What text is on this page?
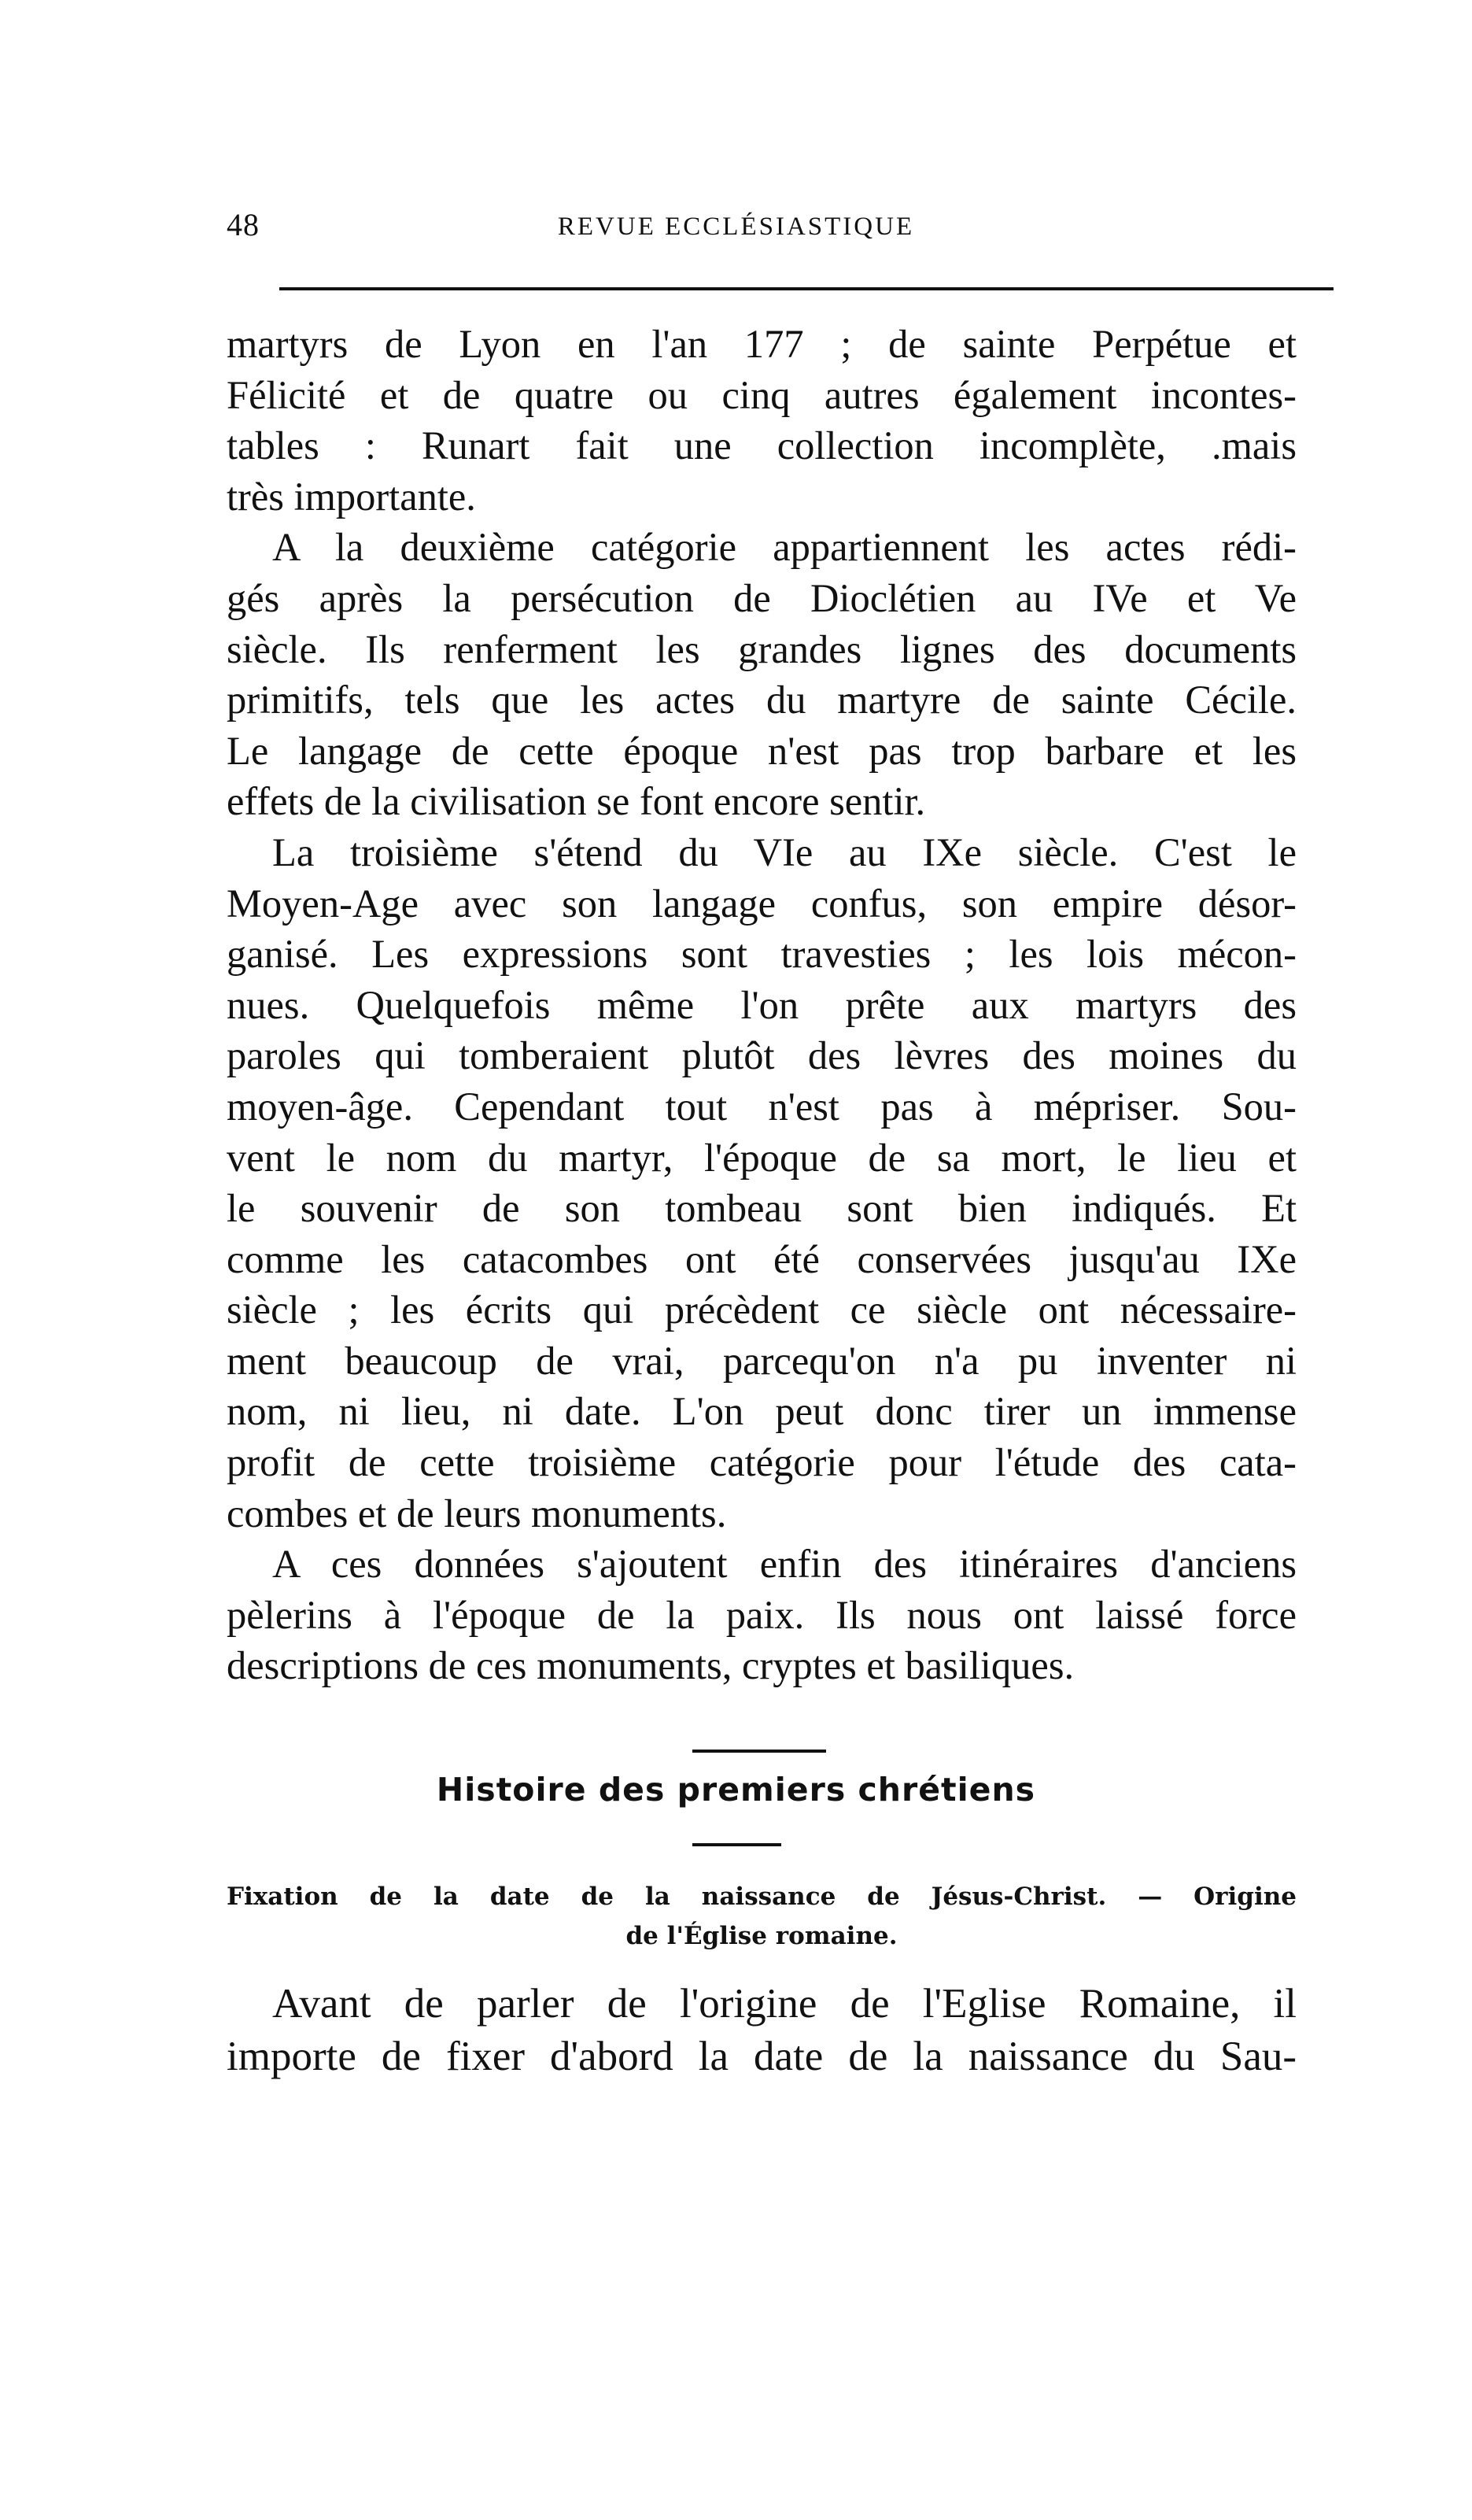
48	REVUE ECCLÉSIASTIQUE
martyrs de Lyon en l'an 177 ; de sainte Perpétue et
Félicité et de quatre ou cinq autres également incontes-
tables : Runart fait une collection incomplète, .mais
très importante.
A la deuxième catégorie appartiennent les actes rédi-
gés après la persécution de Dioclétien au IVe et Ve
siècle. Ils renferment les grandes lignes des documents
primitifs, tels que les actes du martyre de sainte Cécile.
Le langage de cette époque n'est pas trop barbare et les
effets de la civilisation se font encore sentir.
La troisième s'étend du VIe au IXe siècle. C'est le
Moyen-Age avec son langage confus, son empire désor-
ganisé. Les expressions sont travesties ; les lois mécon-
nues. Quelquefois même l'on prête aux martyrs des
paroles qui tomberaient plutôt des lèvres des moines du
moyen-âge. Cependant tout n'est pas à mépriser. Sou-
vent le nom du martyr, l'époque de sa mort, le lieu et
le souvenir de son tombeau sont bien indiqués. Et
comme les catacombes ont été conservées jusqu'au IXe
siècle ; les écrits qui précèdent ce siècle ont nécessaire-
ment beaucoup de vrai, parcequ'on n'a pu inventer ni
nom, ni lieu, ni date. L'on peut donc tirer un immense
profit de cette troisième catégorie pour l'étude des cata-
combes et de leurs monuments.
A ces données s'ajoutent enfin des itinéraires d'anciens
pèlerins à l'époque de la paix. Ils nous ont laissé force
descriptions de ces monuments, cryptes et basiliques.
Histoire des premiers chrétiens
Fixation de la date de la naissance de Jésus-Christ. — Origine
de l'Église romaine.
Avant de parler de l'origine de l'Eglise Romaine, il
importe de fixer d'abord la date de la naissance du Sau-
